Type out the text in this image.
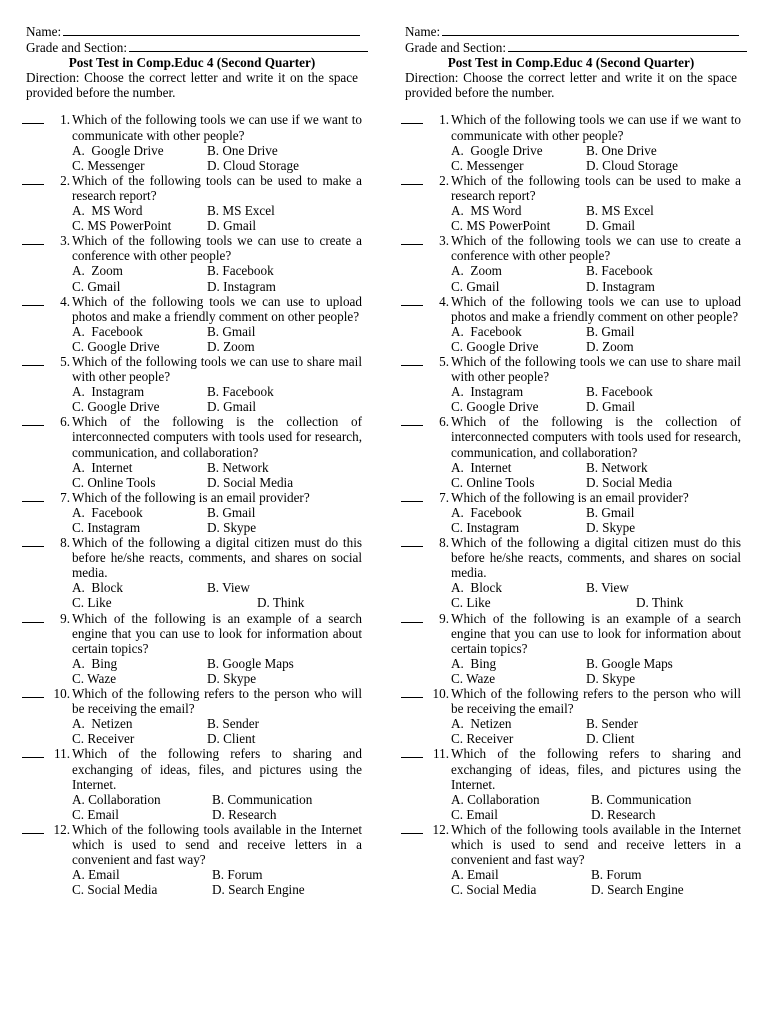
Name:
Grade and Section:
Post Test in Comp.Educ 4 (Second Quarter)
Direction: Choose the correct letter and write it on the space provided before the number.
1. Which of the following tools we can use if we want to communicate with other people?
A.  Google Drive	B. One Drive
C. Messenger	D. Cloud Storage
2. Which of the following tools can be used to make a research report?
A.  MS Word	B. MS Excel
C. MS PowerPoint	D. Gmail
3. Which of the following tools we can use to create a conference with other people?
A.  Zoom	B. Facebook
C. Gmail	D. Instagram
4. Which of the following tools we can use to upload photos and make a friendly comment on other people?
A.  Facebook	B. Gmail
C. Google Drive	D. Zoom
5. Which of the following tools we can use to share mail with other people?
A.  Instagram	B. Facebook
C. Google Drive	D. Gmail
6. Which of the following is the collection of interconnected computers with tools used for research, communication, and collaboration?
A.  Internet	B. Network
C. Online Tools	D. Social Media
7. Which of the following is an email provider?
A.  Facebook	B. Gmail
C. Instagram	D. Skype
8. Which of the following a digital citizen must do this before he/she reacts, comments, and shares on social media.
A.  Block	B. View
C. Like	D. Think
9. Which of the following is an example of a search engine that you can use to look for information about certain topics?
A.  Bing	B. Google Maps
C. Waze	D. Skype
10. Which of the following refers to the person who will be receiving the email?
A.  Netizen	B. Sender
C. Receiver	D. Client
11. Which of the following refers to sharing and exchanging of ideas, files, and pictures using the Internet.
A. Collaboration	B. Communication
C. Email	D. Research
12. Which of the following tools available in the Internet which is used to send and receive letters in a convenient and fast way?
A. Email	B. Forum
C. Social Media	D. Search Engine
Name:
Grade and Section:
Post Test in Comp.Educ 4 (Second Quarter)
Direction: Choose the correct letter and write it on the space provided before the number.
1. Which of the following tools we can use if we want to communicate with other people?
A.  Google Drive	B. One Drive
C. Messenger	D. Cloud Storage
2. Which of the following tools can be used to make a research report?
A.  MS Word	B. MS Excel
C. MS PowerPoint	D. Gmail
3. Which of the following tools we can use to create a conference with other people?
A.  Zoom	B. Facebook
C. Gmail	D. Instagram
4. Which of the following tools we can use to upload photos and make a friendly comment on other people?
A.  Facebook	B. Gmail
C. Google Drive	D. Zoom
5. Which of the following tools we can use to share mail with other people?
A.  Instagram	B. Facebook
C. Google Drive	D. Gmail
6. Which of the following is the collection of interconnected computers with tools used for research, communication, and collaboration?
A.  Internet	B. Network
C. Online Tools	D. Social Media
7. Which of the following is an email provider?
A.  Facebook	B. Gmail
C. Instagram	D. Skype
8. Which of the following a digital citizen must do this before he/she reacts, comments, and shares on social media.
A.  Block	B. View
C. Like	D. Think
9. Which of the following is an example of a search engine that you can use to look for information about certain topics?
A.  Bing	B. Google Maps
C. Waze	D. Skype
10. Which of the following refers to the person who will be receiving the email?
A.  Netizen	B. Sender
C. Receiver	D. Client
11. Which of the following refers to sharing and exchanging of ideas, files, and pictures using the Internet.
A. Collaboration	B. Communication
C. Email	D. Research
12. Which of the following tools available in the Internet which is used to send and receive letters in a convenient and fast way?
A. Email	B. Forum
C. Social Media	D. Search Engine
